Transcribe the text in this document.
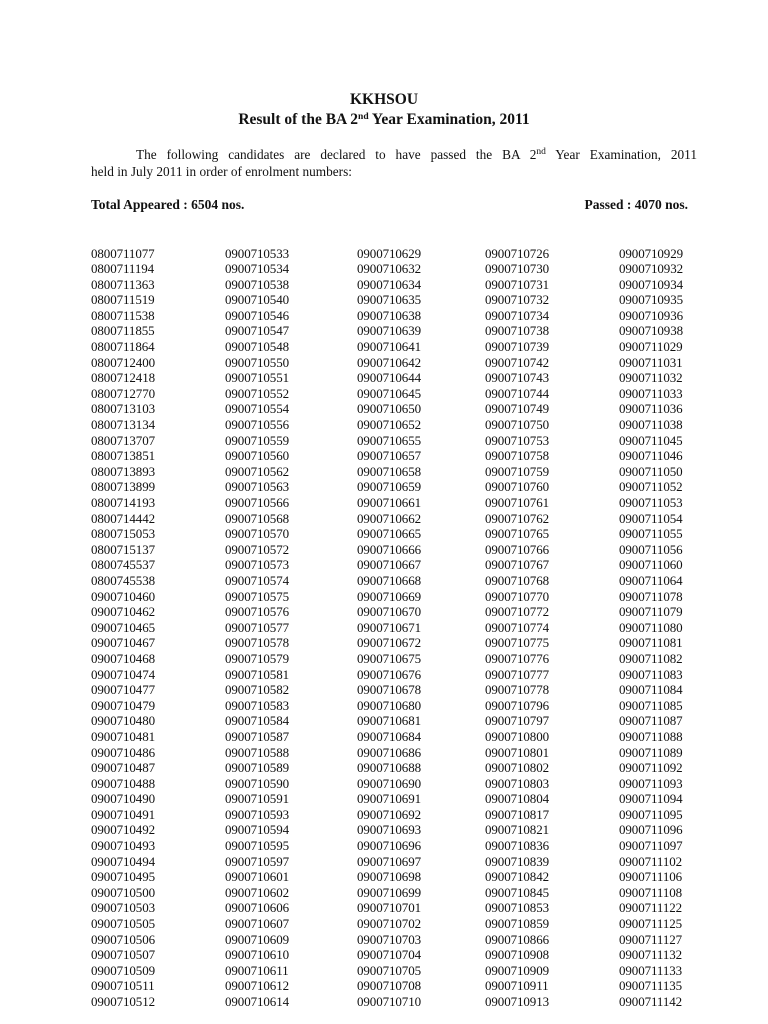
KKHSOU
Result of the BA 2nd Year Examination, 2011
The following candidates are declared to have passed the BA 2nd Year Examination, 2011
held in July 2011 in order of enrolment numbers:
Total Appeared : 6504 nos.	Passed : 4070 nos.
0800711077
0800711194
0800711363
0800711519
0800711538
0800711855
0800711864
0800712400
0800712418
0800712770
0800713103
0800713134
0800713707
0800713851
0800713893
0800713899
0800714193
0800714442
0800715053
0800715137
0800745537
0800745538
0900710460
0900710462
0900710465
0900710467
0900710468
0900710474
0900710477
0900710479
0900710480
0900710481
0900710486
0900710487
0900710488
0900710490
0900710491
0900710492
0900710493
0900710494
0900710495
0900710500
0900710503
0900710505
0900710506
0900710507
0900710509
0900710511
0900710512
0900710533
0900710534
0900710538
0900710540
0900710546
0900710547
0900710548
0900710550
0900710551
0900710552
0900710554
0900710556
0900710559
0900710560
0900710562
0900710563
0900710566
0900710568
0900710570
0900710572
0900710573
0900710574
0900710575
0900710576
0900710577
0900710578
0900710579
0900710581
0900710582
0900710583
0900710584
0900710587
0900710588
0900710589
0900710590
0900710591
0900710593
0900710594
0900710595
0900710597
0900710601
0900710602
0900710606
0900710607
0900710609
0900710610
0900710611
0900710612
0900710614
0900710629
0900710632
0900710634
0900710635
0900710638
0900710639
0900710641
0900710642
0900710644
0900710645
0900710650
0900710652
0900710655
0900710657
0900710658
0900710659
0900710661
0900710662
0900710665
0900710666
0900710667
0900710668
0900710669
0900710670
0900710671
0900710672
0900710675
0900710676
0900710678
0900710680
0900710681
0900710684
0900710686
0900710688
0900710690
0900710691
0900710692
0900710693
0900710696
0900710697
0900710698
0900710699
0900710701
0900710702
0900710703
0900710704
0900710705
0900710708
0900710710
0900710726
0900710730
0900710731
0900710732
0900710734
0900710738
0900710739
0900710742
0900710743
0900710744
0900710749
0900710750
0900710753
0900710758
0900710759
0900710760
0900710761
0900710762
0900710765
0900710766
0900710767
0900710768
0900710770
0900710772
0900710774
0900710775
0900710776
0900710777
0900710778
0900710796
0900710797
0900710800
0900710801
0900710802
0900710803
0900710804
0900710817
0900710821
0900710836
0900710839
0900710842
0900710845
0900710853
0900710859
0900710866
0900710908
0900710909
0900710911
0900710913
0900710929
0900710932
0900710934
0900710935
0900710936
0900710938
0900711029
0900711031
0900711032
0900711033
0900711036
0900711038
0900711045
0900711046
0900711050
0900711052
0900711053
0900711054
0900711055
0900711056
0900711060
0900711064
0900711078
0900711079
0900711080
0900711081
0900711082
0900711083
0900711084
0900711085
0900711087
0900711088
0900711089
0900711092
0900711093
0900711094
0900711095
0900711096
0900711097
0900711102
0900711106
0900711108
0900711122
0900711125
0900711127
0900711132
0900711133
0900711135
0900711142
